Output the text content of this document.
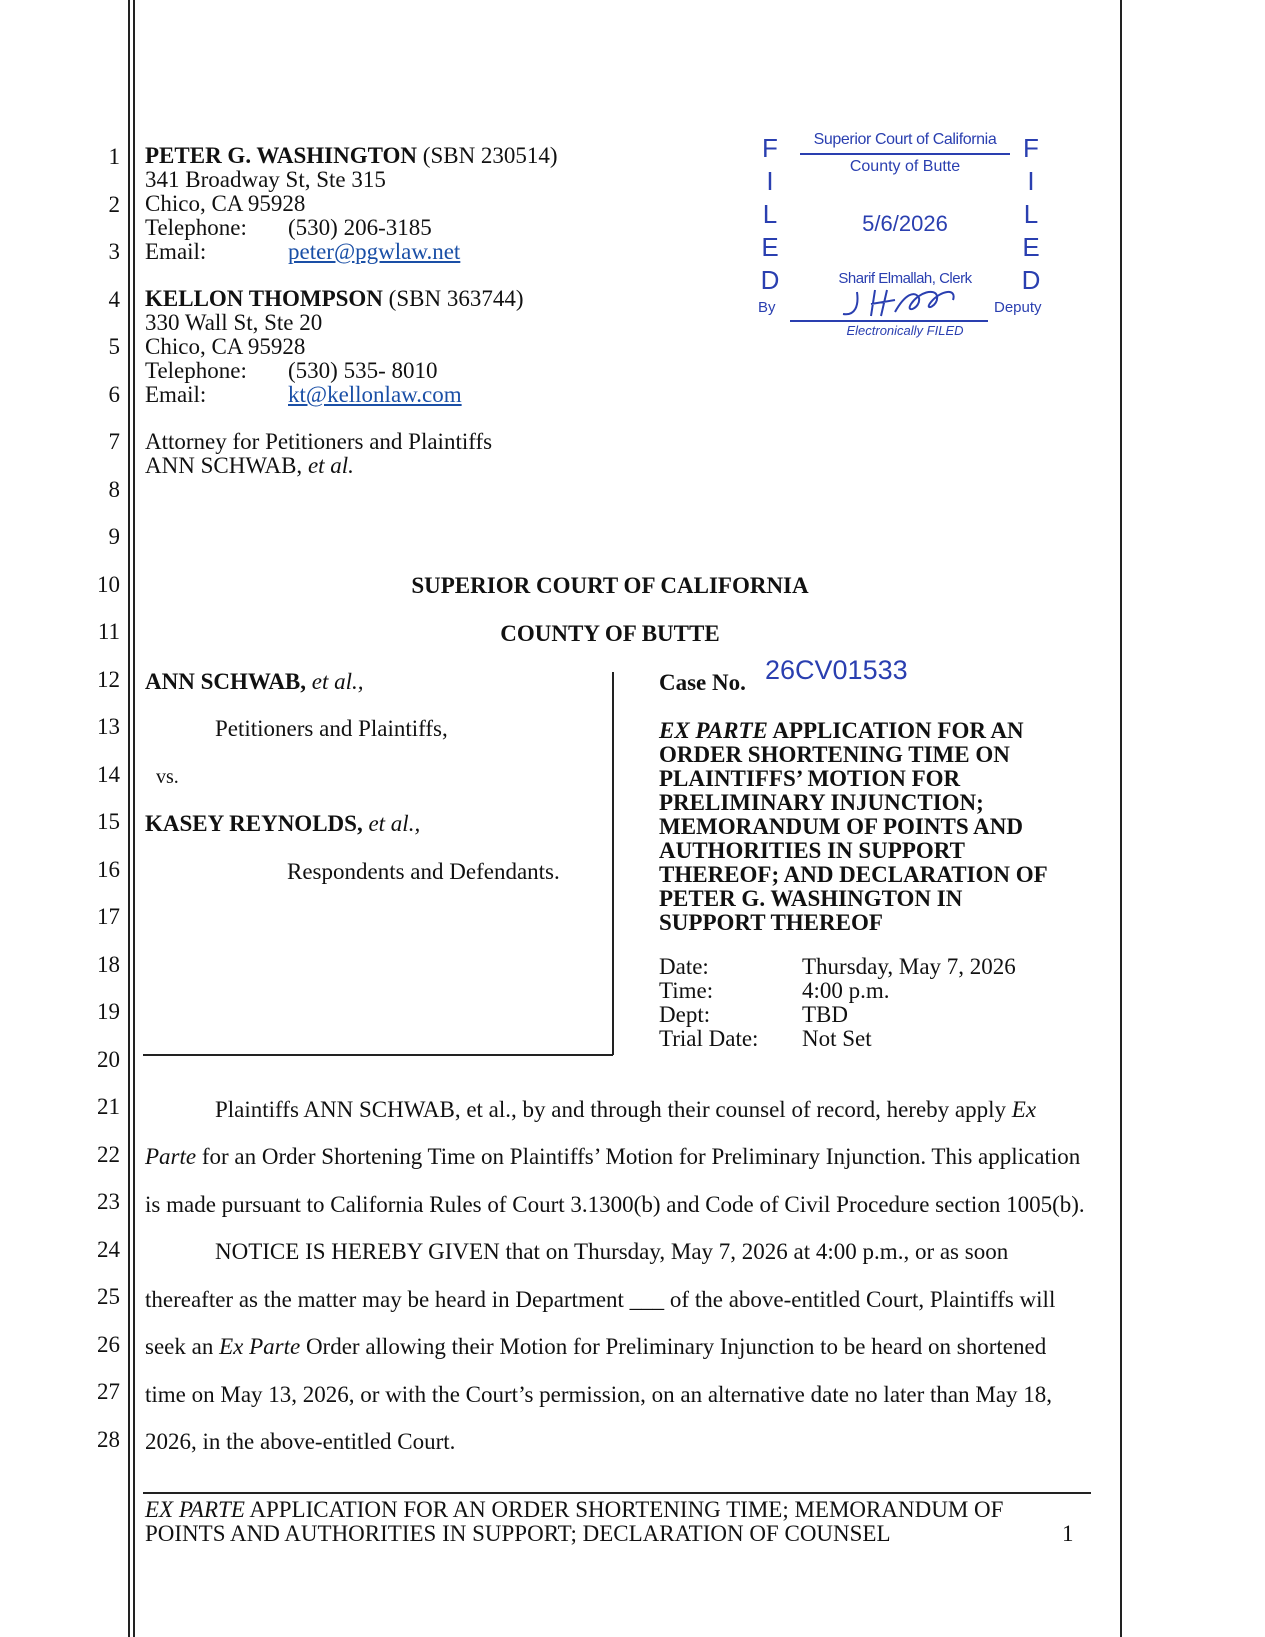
1
2
3
4
5
6
7
8
9
10
11
12
13
14
15
16
17
18
19
20
21
22
23
24
25
26
27
28
PETER G. WASHINGTON (SBN 230514)
341 Broadway St, Ste 315
Chico, CA 95928
Telephone: (530) 206-3185
Email:	peter@pgwlaw.net
KELLON THOMPSON (SBN 363744)
330 Wall St, Ste 20
Chico, CA 95928
Telephone: (530) 535- 8010
Email:	kt@kellonlaw.com
Attorney for Petitioners and Plaintiffs
ANN SCHWAB, et al.
F
I
L
E
D
F
I
L
E
D
Superior Court of California
County of Butte
5/6/2026
Sharif Elmallah, Clerk
By	Deputy
Electronically FILED
SUPERIOR COURT OF CALIFORNIA
COUNTY OF BUTTE
ANN SCHWAB, et al.,
Petitioners and Plaintiffs,
vs.
KASEY REYNOLDS, et al.,
Respondents and Defendants.
Case No. 26CV01533
EX PARTE APPLICATION FOR AN
ORDER SHORTENING TIME ON
PLAINTIFFS’ MOTION FOR
PRELIMINARY INJUNCTION;
MEMORANDUM OF POINTS AND
AUTHORITIES IN SUPPORT
THEREOF; AND DECLARATION OF
PETER G. WASHINGTON IN
SUPPORT THEREOF
Date:	Thursday, May 7, 2026
Time:	4:00 p.m.
Dept:	TBD
Trial Date: Not Set
Plaintiffs ANN SCHWAB, et al., by and through their counsel of record, hereby apply Ex
Parte for an Order Shortening Time on Plaintiffs’ Motion for Preliminary Injunction. This application
is made pursuant to California Rules of Court 3.1300(b) and Code of Civil Procedure section 1005(b).
NOTICE IS HEREBY GIVEN that on Thursday, May 7, 2026 at 4:00 p.m., or as soon
thereafter as the matter may be heard in Department ___ of the above-entitled Court, Plaintiffs will
seek an Ex Parte Order allowing their Motion for Preliminary Injunction to be heard on shortened
time on May 13, 2026, or with the Court’s permission, on an alternative date no later than May 18,
2026, in the above-entitled Court.
EX PARTE APPLICATION FOR AN ORDER SHORTENING TIME; MEMORANDUM OF
POINTS AND AUTHORITIES IN SUPPORT; DECLARATION OF COUNSEL	1
